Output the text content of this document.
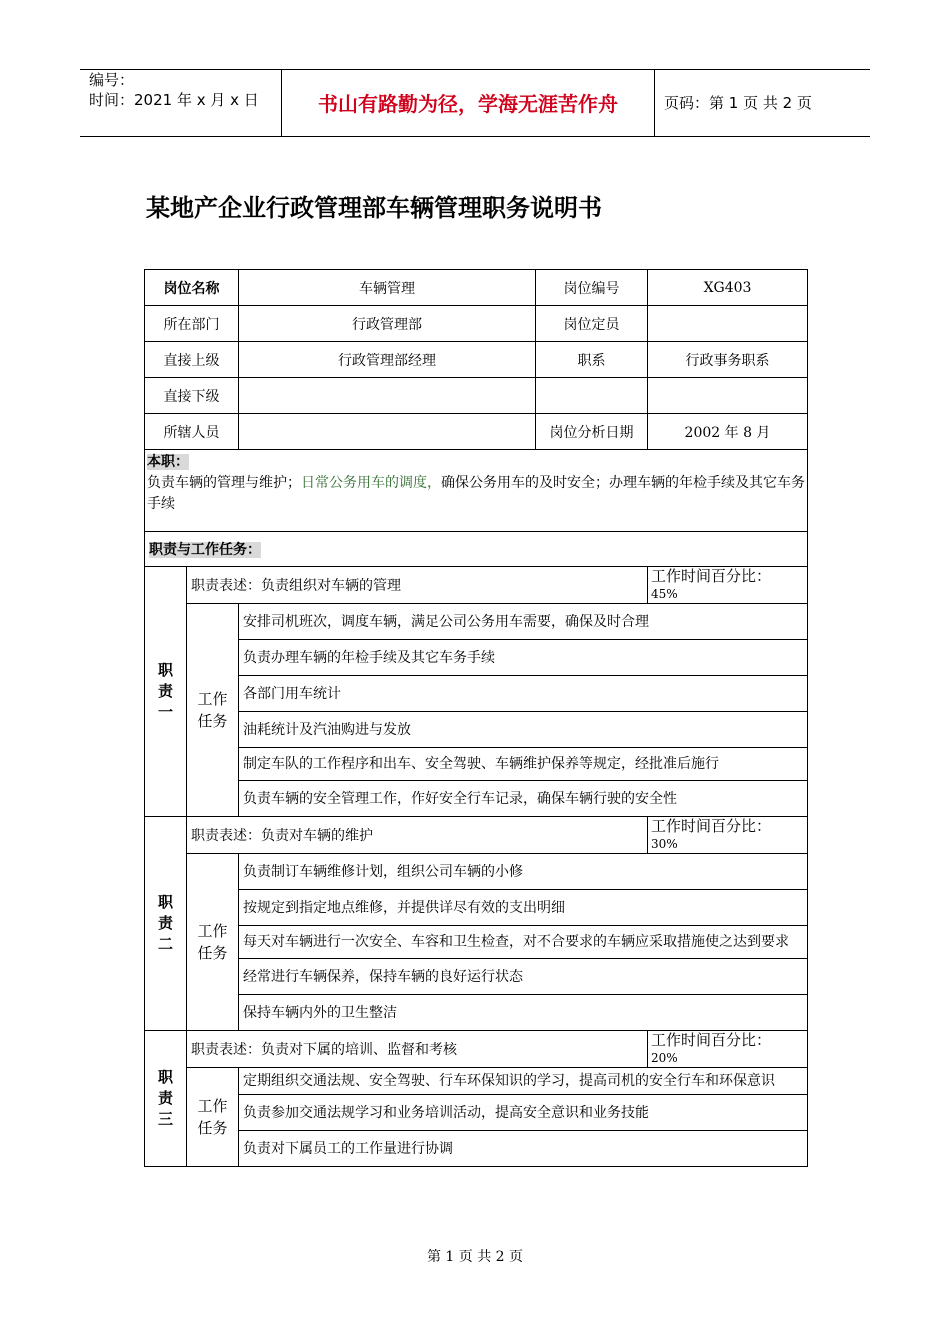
编号：
时间：2021 年 x 月 x 日	书山有路勤为径，学海无涯苦作舟	页码：第 1 页 共 2 页
某地产企业行政管理部车辆管理职务说明书
岗位名称		车辆管理	岗位编号	XG403
所在部门		行政管理部	岗位定员	
直接上级		行政管理部经理	职系	行政事务职系
直接下级				
所辖人员			岗位分析日期	2002 年 8 月

本职：
负责车辆的管理与维护；日常公务用车的调度，确保公务用车的及时安全；办理车辆的年检手续及其它车务手续				
职责与工作任务：				
职责一	职责表述：负责组织对车辆的管理			工作时间百分比：
45%

	工作任务	安排司机班次，调度车辆，满足公司公务用车需要，确保及时合理		
		负责办理车辆的年检手续及其它车务手续		
		各部门用车统计		
		油耗统计及汽油购进与发放		
		制定车队的工作程序和出车、安全驾驶、车辆维护保养等规定，经批准后施行		
		负责车辆的安全管理工作，作好安全行车记录，确保车辆行驶的安全性		
职责二	职责表述：负责对车辆的维护			工作时间百分比：
30%

	工作任务	负责制订车辆维修计划，组织公司车辆的小修		
		按规定到指定地点维修，并提供详尽有效的支出明细		
		每天对车辆进行一次安全、车容和卫生检查，对不合要求的车辆应采取措施使之达到要求		
		经常进行车辆保养，保持车辆的良好运行状态		
		保持车辆内外的卫生整洁		
职责三	职责表述：负责对下属的培训、监督和考核			工作时间百分比：
20%

	工作任务	定期组织交通法规、安全驾驶、行车环保知识的学习，提高司机的安全行车和环保意识		
		负责参加交通法规学习和业务培训活动，提高安全意识和业务技能		
		负责对下属员工的工作量进行协调		
第 1 页 共 2 页
